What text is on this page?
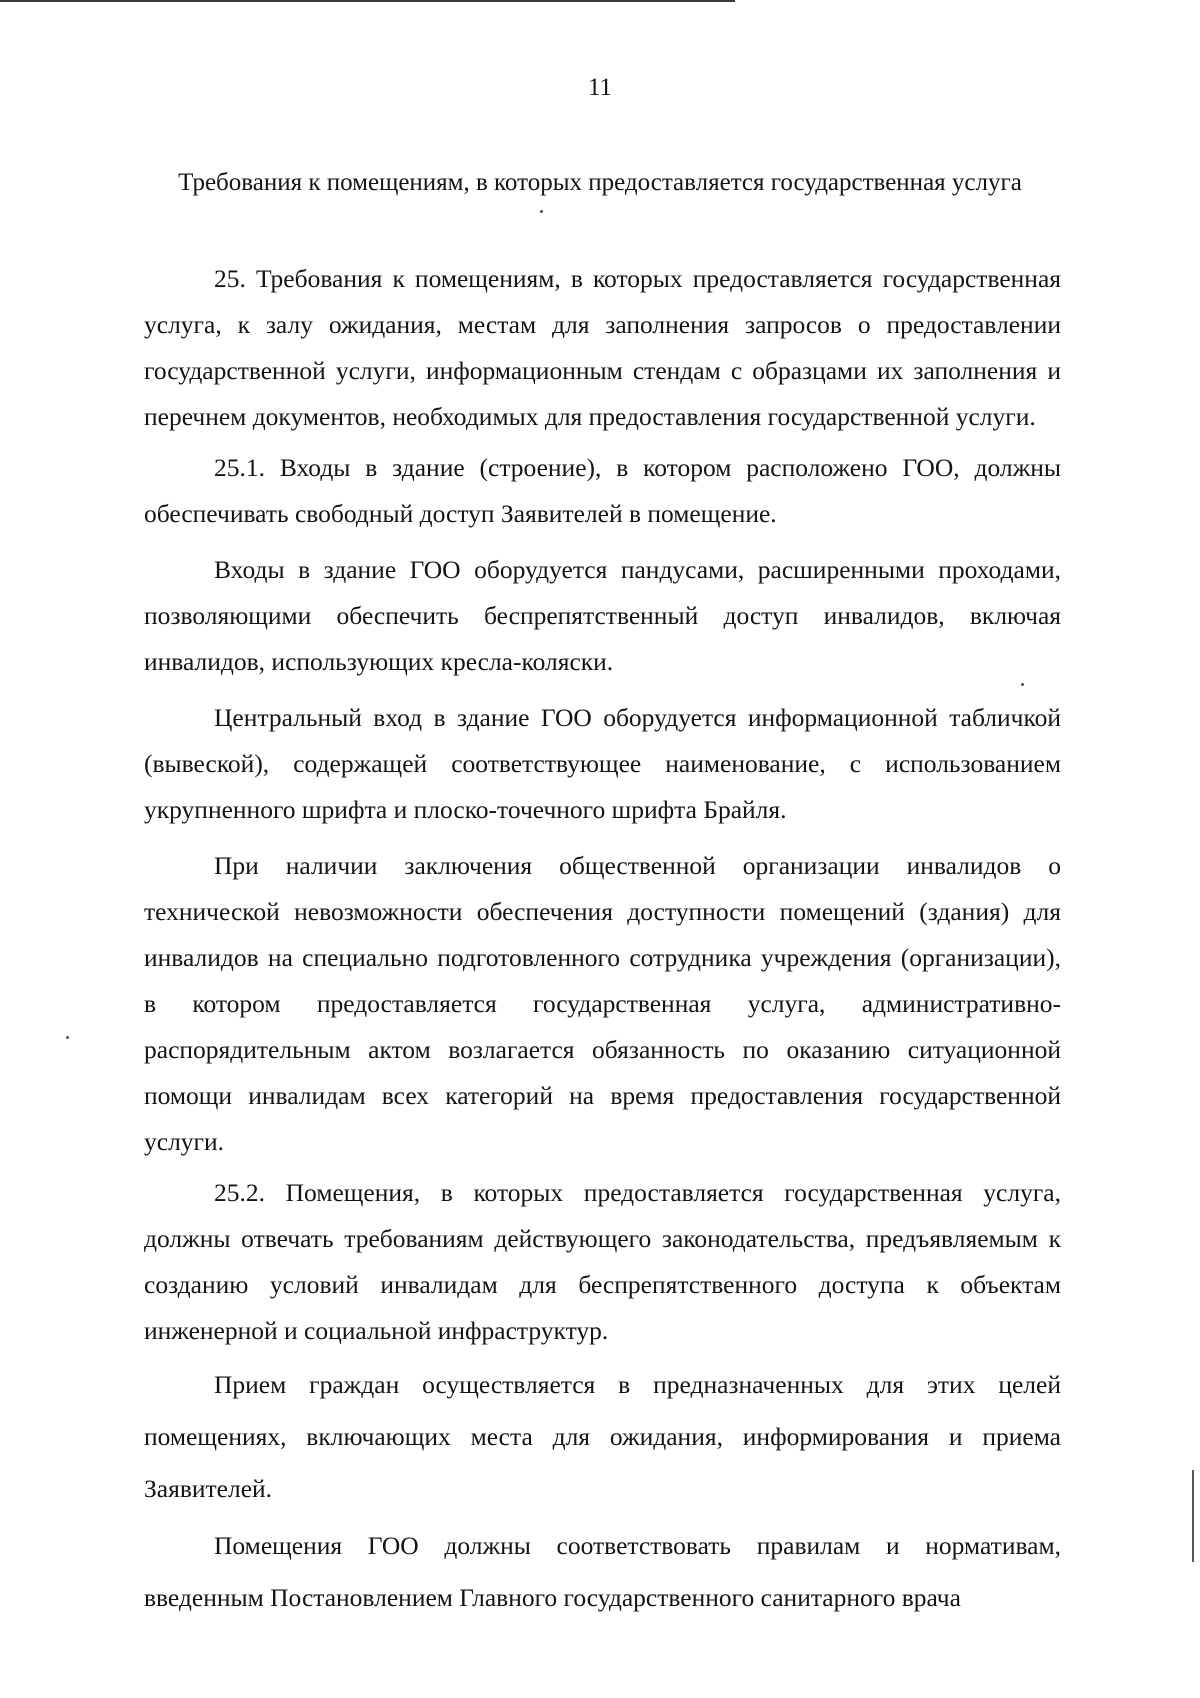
11
Требования к помещениям, в которых предоставляется государственная услуга

25. Требования к помещениям, в которых предоставляется государственная услуга, к залу ожидания, местам для заполнения запросов о предоставлении государственной услуги, информационным стендам с образцами их заполнения и перечнем документов, необходимых для предоставления государственной услуги.

25.1. Входы в здание (строение), в котором расположено ГОО, должны обеспечивать свободный доступ Заявителей в помещение.

Входы в здание ГОО оборудуется пандусами, расширенными проходами, позволяющими обеспечить беспрепятственный доступ инвалидов, включая инвалидов, использующих кресла-коляски.

Центральный вход в здание ГОО оборудуется информационной табличкой (вывеской), содержащей соответствующее наименование, с использованием укрупненного шрифта и плоско-точечного шрифта Брайля.

При наличии заключения общественной организации инвалидов о технической невозможности обеспечения доступности помещений (здания) для инвалидов на специально подготовленного сотрудника учреждения (организации), в котором предоставляется государственная услуга, административно-распорядительным актом возлагается обязанность по оказанию ситуационной помощи инвалидам всех категорий на время предоставления государственной услуги.

25.2. Помещения, в которых предоставляется государственная услуга, должны отвечать требованиям действующего законодательства, предъявляемым к созданию условий инвалидам для беспрепятственного доступа к объектам инженерной и социальной инфраструктур.

Прием граждан осуществляется в предназначенных для этих целей помещениях, включающих места для ожидания, информирования и приема Заявителей.

Помещения ГОО должны соответствовать правилам и нормативам, введенным Постановлением Главного государственного санитарного врача
